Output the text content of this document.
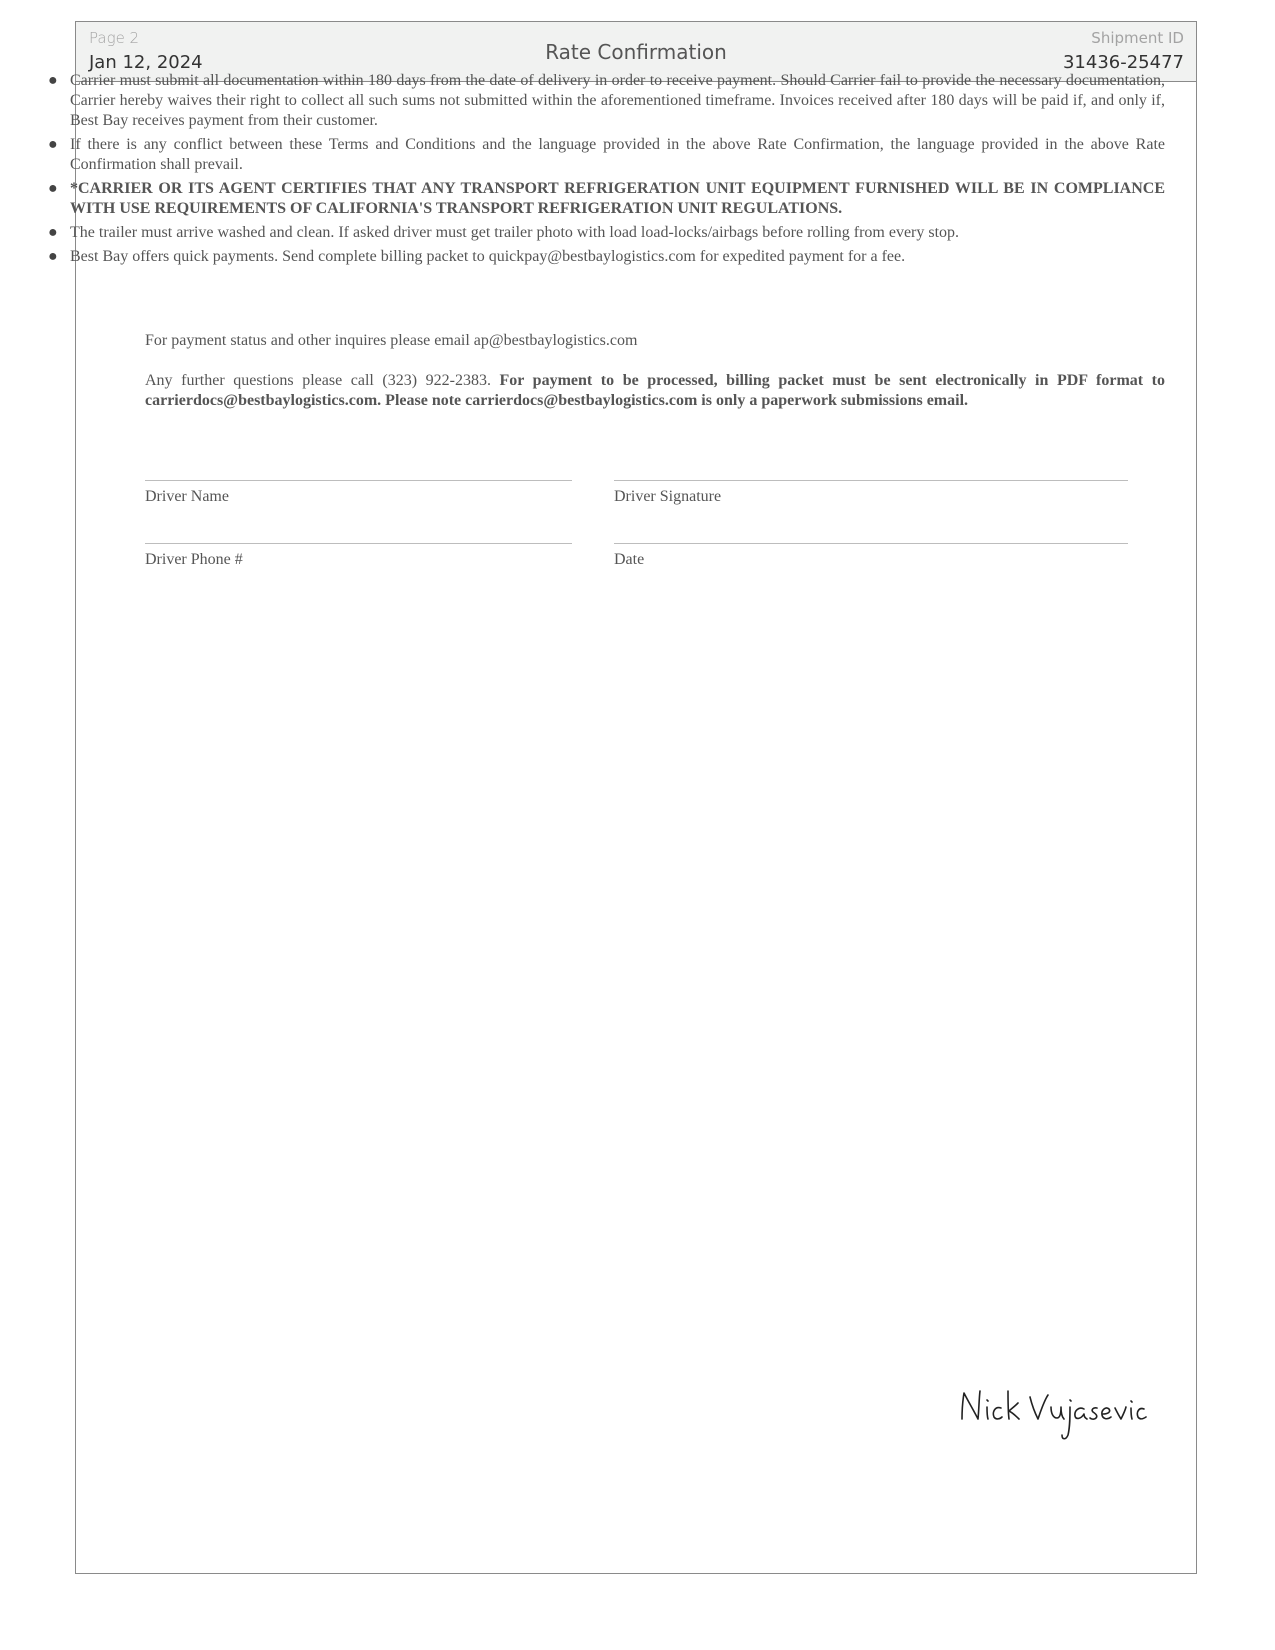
Page 2
Jan 12, 2024	Rate Confirmation
Shipment ID
31436-25477
● Carrier must submit all documentation within 180 days from the date of delivery in order to receive payment. Should Carrier fail to provide the necessary documentation, Carrier hereby waives their right to collect all such sums not submitted within the aforementioned timeframe. Invoices received after 180 days will be paid if, and only if, Best Bay receives payment from their customer.
● If there is any conflict between these Terms and Conditions and the language provided in the above Rate Confirmation, the language provided in the above Rate Confirmation shall prevail.
● *CARRIER OR ITS AGENT CERTIFIES THAT ANY TRANSPORT REFRIGERATION UNIT EQUIPMENT FURNISHED WILL BE IN COMPLIANCE WITH USE REQUIREMENTS OF CALIFORNIA'S TRANSPORT REFRIGERATION UNIT REGULATIONS.
● The trailer must arrive washed and clean. If asked driver must get trailer photo with load load-locks/airbags before rolling from every stop.
● Best Bay offers quick payments. Send complete billing packet to quickpay@bestbaylogistics.com for expedited payment for a fee.
For payment status and other inquires please email ap@bestbaylogistics.com
Any further questions please call (323) 922-2383. For payment to be processed, billing packet must be sent electronically in PDF format to carrierdocs@bestbaylogistics.com. Please note carrierdocs@bestbaylogistics.com is only a paperwork submissions email.
Driver Name	Driver Signature
Driver Phone #	Date
